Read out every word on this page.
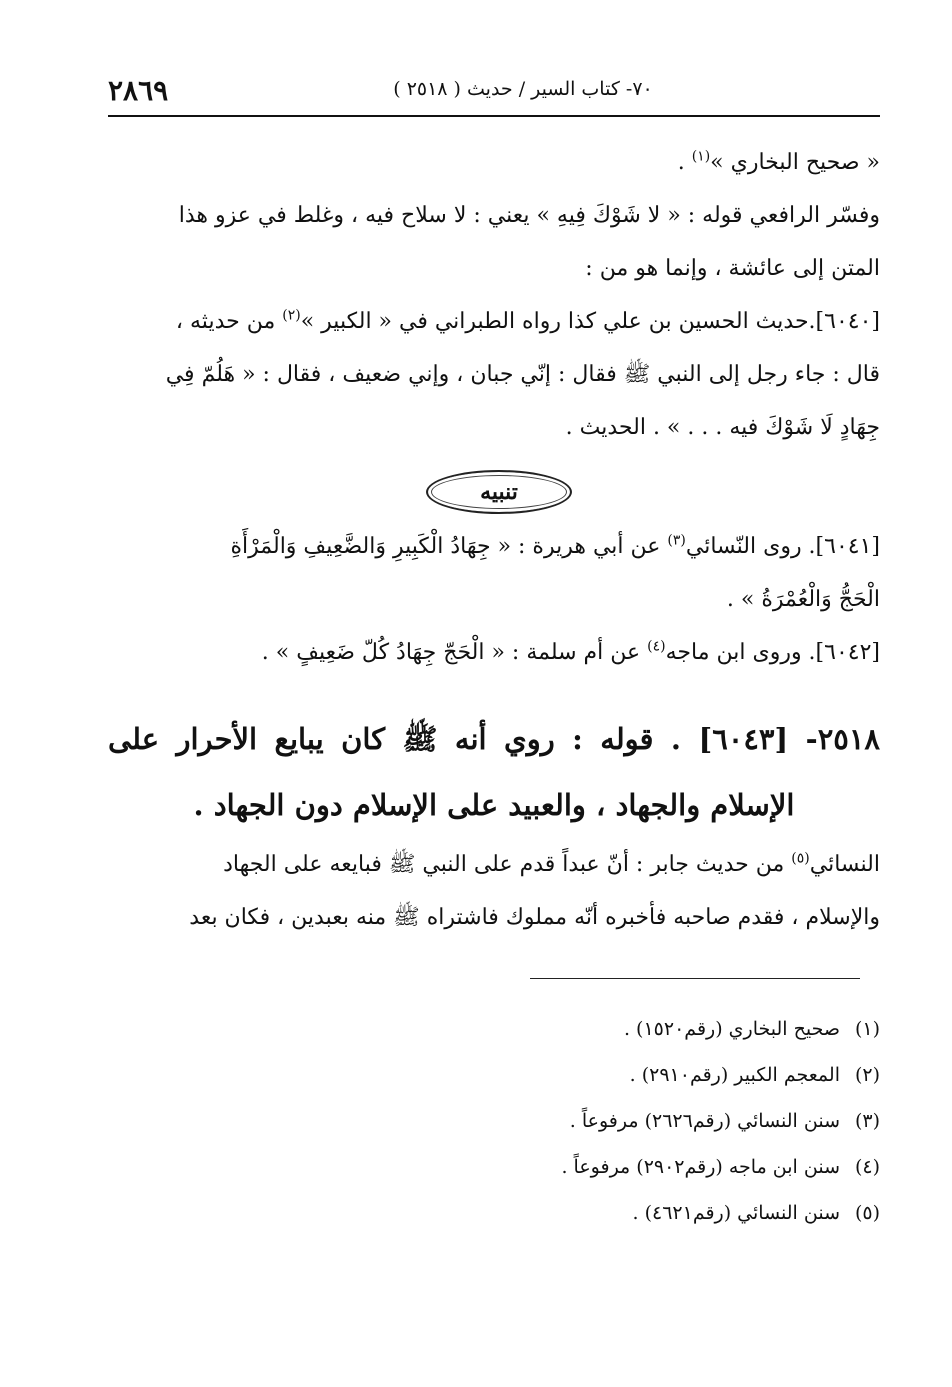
٢٨٦٩	٧٠- كتاب السير / حديث ( ٢٥١٨ )
« صحيح البخاري »$^{(١)}$ .
وفسّر الرافعي قوله : « لا شَوْكَ فِيهِ » يعني : لا سلاح فيه ، وغلط في عزو هذا
المتن إلى عائشة ، وإنما هو من :
[٦٠٤٠].حديث الحسين بن علي كذا رواه الطبراني في « الكبير »$^{(٢)}$ من حديثه ،
قال : جاء رجل إلى النبي ﷺ فقال : إنّي جبان ، وإني ضعيف ، فقال : « هَلُمّ فِي
جِهَادٍ لَا شَوْكَ فيه . . . » . الحديث .
تنبيه
[٦٠٤١]. روى النّسائي$^{(٣)}$ عن أبي هريرة : « جِهَادُ الْكَبِيرِ وَالضَّعِيفِ وَالْمَرْأَةِ
الْحَجُّ وَالْعُمْرَةُ » .
[٦٠٤٢]. وروى ابن ماجه$^{(٤)}$ عن أم سلمة : « الْحَجّ جِهَادُ كُلّ ضَعِيفٍ » .
٢٥١٨- [٦٠٤٣] . قوله : روي أنه ﷺ كان يبايع الأحرار على
الإسلام والجهاد ، والعبيد على الإسلام دون الجهاد .
النسائي$^{(٥)}$ من حديث جابر : أنّ عبداً قدم على النبي ﷺ فبايعه على الجهاد
والإسلام ، فقدم صاحبه فأخبره أنّه مملوك فاشتراه ﷺ منه بعبدين ، فكان بعد
(١)صحيح البخاري (رقم١٥٢٠) .
(٢)المعجم الكبير (رقم٢٩١٠) .
(٣)سنن النسائي (رقم٢٦٢٦) مرفوعاً .
(٤)سنن ابن ماجه (رقم٢٩٠٢) مرفوعاً .
(٥)سنن النسائي (رقم٤٦٢١) .
